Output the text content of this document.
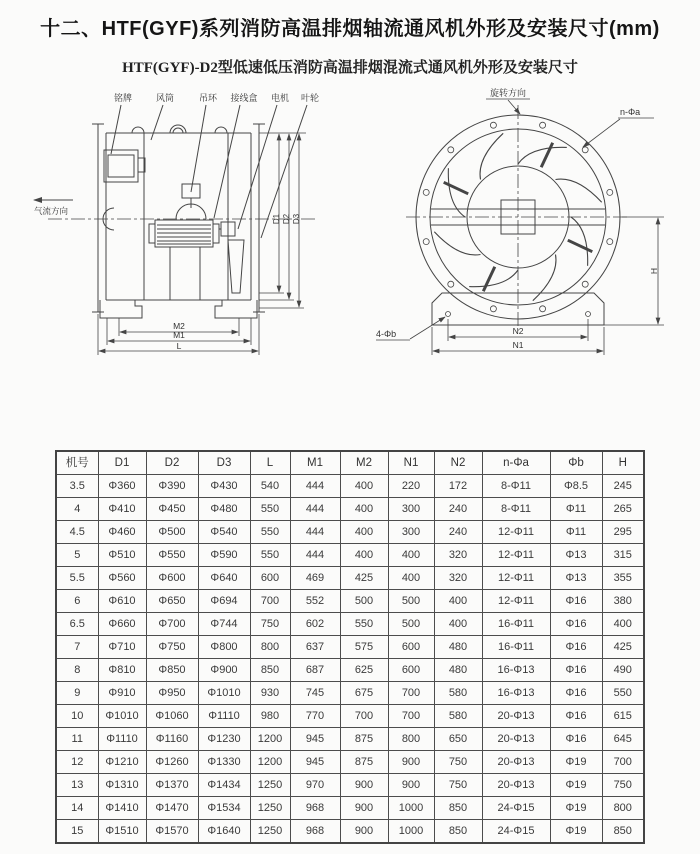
十二、HTF(GYF)系列消防高温排烟轴流通风机外形及安装尺寸(mm)
HTF(GYF)-D2型低速低压消防高温排烟混流式通风机外形及安装尺寸
铭牌	风筒	吊环 接线盒 电机 叶轮
气流方向
D1 D2 D3
M2
M1
L
旋转方向
n-Φa
4-Φb	N2
N1
H
机号	D1	D2	D3	L	M1	M2	N1	N2	n-Φa	Φb	H
3.5	Φ360	Φ390	Φ430	540	444	400	220	172	8-Φ11	Φ8.5	245
4	Φ410	Φ450	Φ480	550	444	400	300	240	8-Φ11	Φ11	265
4.5	Φ460	Φ500	Φ540	550	444	400	300	240	12-Φ11	Φ11	295
5	Φ510	Φ550	Φ590	550	444	400	400	320	12-Φ11	Φ13	315
5.5	Φ560	Φ600	Φ640	600	469	425	400	320	12-Φ11	Φ13	355
6	Φ610	Φ650	Φ694	700	552	500	500	400	12-Φ11	Φ16	380
6.5	Φ660	Φ700	Φ744	750	602	550	500	400	16-Φ11	Φ16	400
7	Φ710	Φ750	Φ800	800	637	575	600	480	16-Φ11	Φ16	425
8	Φ810	Φ850	Φ900	850	687	625	600	480	16-Φ13	Φ16	490
9	Φ910	Φ950	Φ1010	930	745	675	700	580	16-Φ13	Φ16	550
10	Φ1010	Φ1060	Φ1110	980	770	700	700	580	20-Φ13	Φ16	615
11	Φ1110	Φ1160	Φ1230	1200	945	875	800	650	20-Φ13	Φ16	645
12	Φ1210	Φ1260	Φ1330	1200	945	875	900	750	20-Φ13	Φ19	700
13	Φ1310	Φ1370	Φ1434	1250	970	900	900	750	20-Φ13	Φ19	750
14	Φ1410	Φ1470	Φ1534	1250	968	900	1000	850	24-Φ15	Φ19	800
15	Φ1510	Φ1570	Φ1640	1250	968	900	1000	850	24-Φ15	Φ19	850
